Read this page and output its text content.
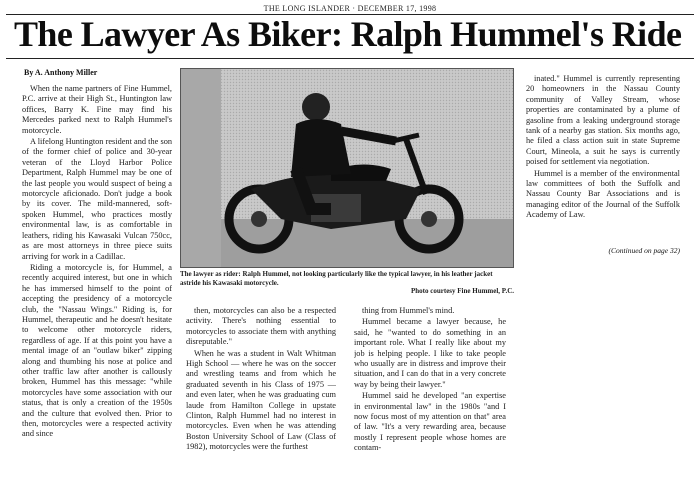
THE LONG ISLANDER · DECEMBER 17, 1998
The Lawyer As Biker: Ralph Hummel's Ride
By A. Anthony Miller

When the name partners of Fine Hummel, P.C. arrive at their High St., Huntington law offices, Barry K. Fine may find his Mercedes parked next to Ralph Hummel's motorcycle.

A lifelong Huntington resident and the son of the former chief of police and 30-year veteran of the Lloyd Harbor Police Department, Ralph Hummel may be one of the last people you would suspect of being a motorcycle aficionado. Don't judge a book by its cover. The mild-mannered, soft-spoken Hummel, who practices mostly environmental law, is as comfortable in leathers, riding his Kawasaki Vulcan 750cc, as are most attorneys in three piece suits arriving for work in a Cadillac.

Riding a motorcycle is, for Hummel, a recently acquired interest, but one in which he has immersed himself to the point of accepting the presidency of a motorcycle club, the "Nassau Wings." Riding is, for Hummel, therapeutic and he doesn't hesitate to welcome other motorcycle riders, regardless of age. If at this point you have a mental image of an "outlaw biker" zipping along and thumbing his nose at police and other traffic law after another is callously broken, Hummel has this message: "while motorcycles have some association with our status, that is only a creation of the 1950s and the culture that evolved then. Prior to then, motorcycles were a respected activity and since

The lawyer as rider: Ralph Hummel, not looking particularly like the typical lawyer, in his leather jacket astride his Kawasaki motorcycle.
Photo courtesy Fine Hummel, P.C.

then, motorcycles can also be a respected activity. There's nothing essential to motorcycles to associate them with anything disreputable."

When he was a student in Walt Whitman High School — where he was on the soccer and wrestling teams and from which he graduated seventh in his Class of 1975 — and even later, when he was graduating cum laude from Hamilton College in upstate Clinton, Ralph Hummel had no interest in motorcycles. Even when he was attending Boston University School of Law (Class of 1982), motorcycles were the furthest

thing from Hummel's mind.

Hummel became a lawyer because, he said, he "wanted to do something in an important role. What I really like about my job is helping people. I like to take people who usually are in distress and improve their situation, and I can do that in a very concrete way by being their lawyer."

Hummel said he developed "an expertise in environmental law" in the 1980s "and I now focus most of my attention on that" area of law. "It's a very rewarding area, because mostly I represent people whose homes are contam-

inated." Hummel is currently representing 20 homeowners in the Nassau County community of Valley Stream, whose properties are contaminated by a plume of gasoline from a leaking underground storage tank of a nearby gas station. Six months ago, he filed a class action suit in state Supreme Court, Mineola, a suit he says is currently poised for settlement via negotiation.

Hummel is a member of the environmental law committees of both the Suffolk and Nassau County Bar Associations and is managing editor of the Journal of the Suffolk Academy of Law.

(Continued on page 32)
